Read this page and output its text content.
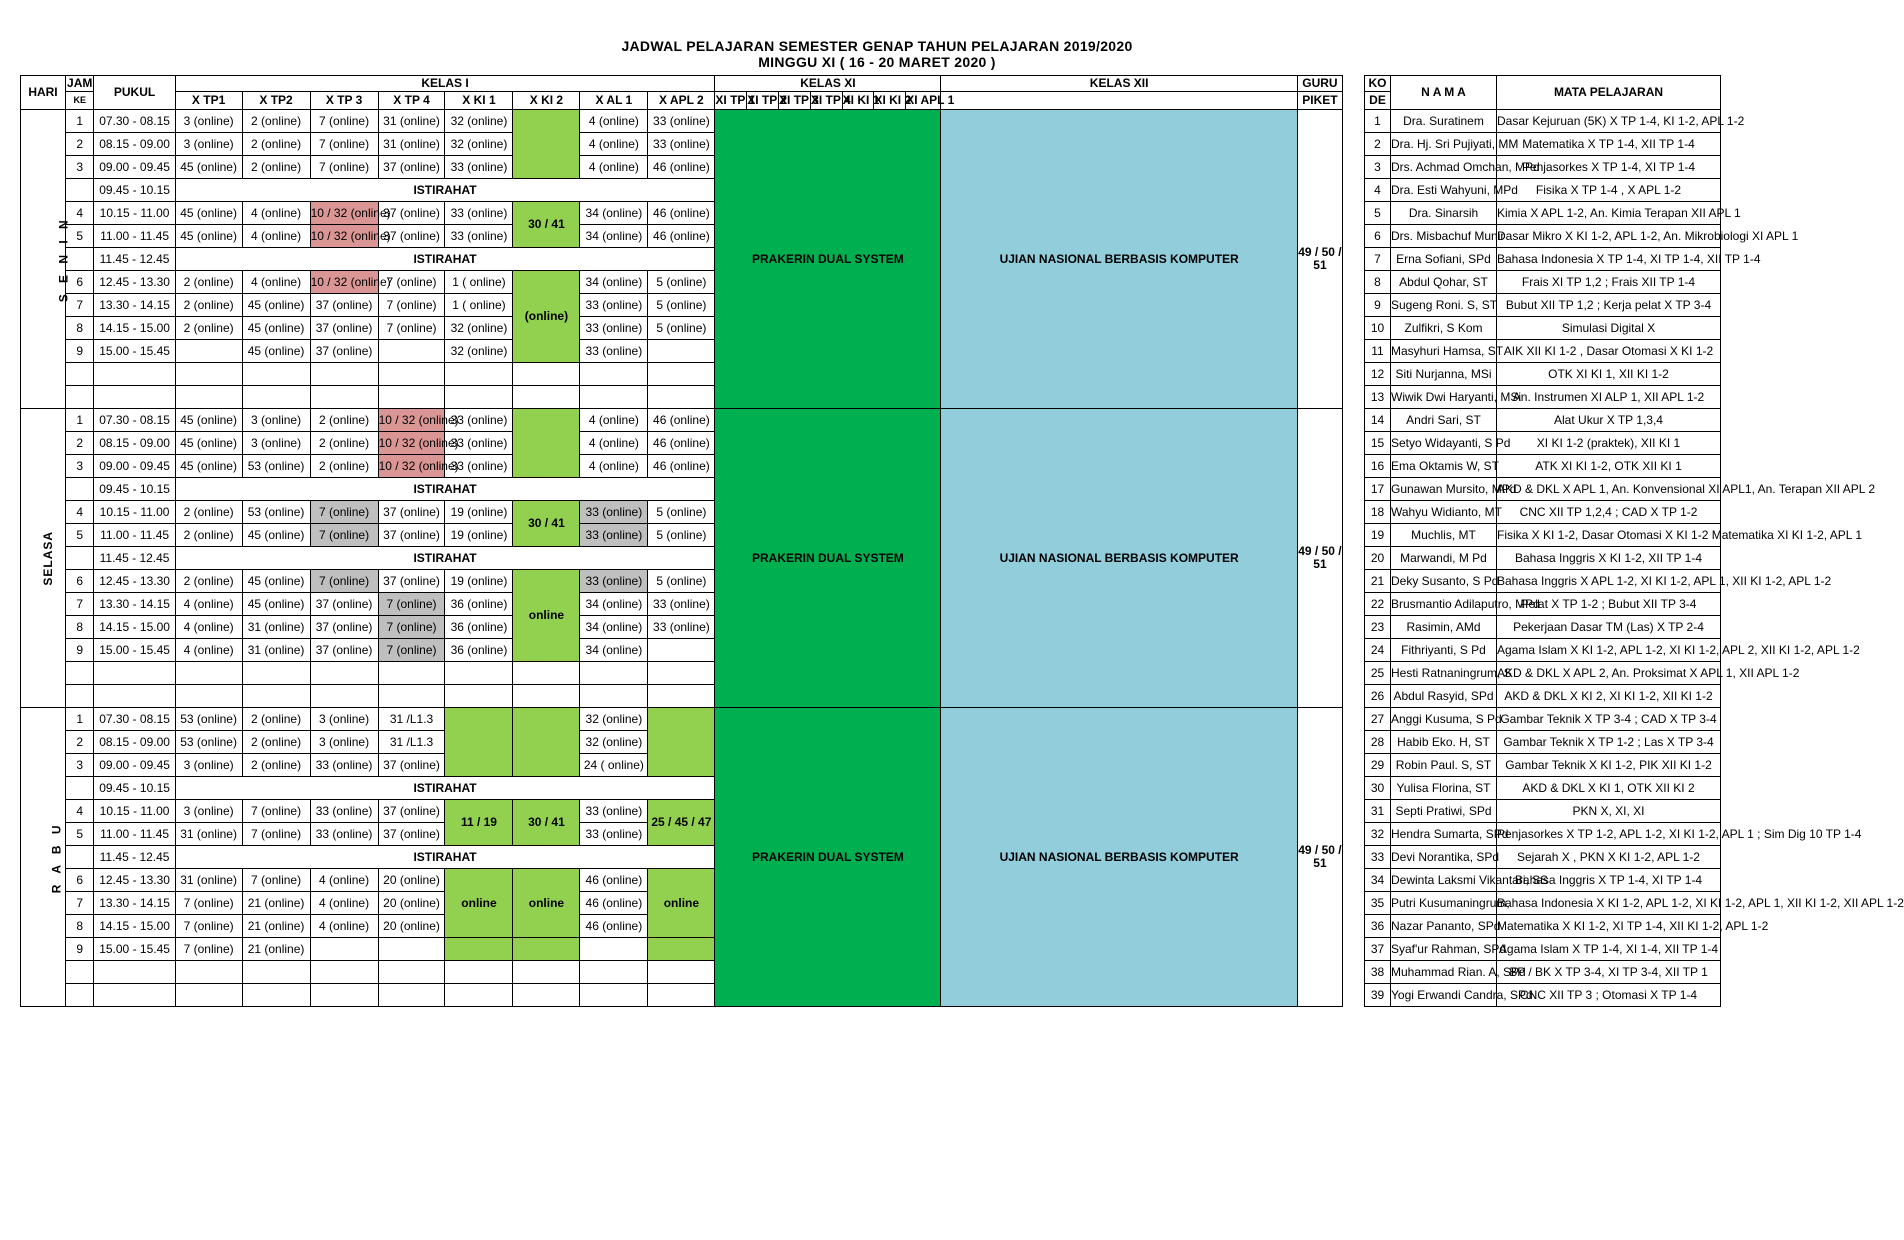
JADWAL PELAJARAN SEMESTER GENAP TAHUN PELAJARAN 2019/2020
MINGGU XI ( 16 - 20 MARET 2020 )
HARI	JAM	PUKUL	KELAS I								KELAS XI							KELAS XII	GURU
	KE		X TP1	X TP2	X TP 3	X TP 4	X KI 1	X KI 2	X AL 1	X APL 2	XI TP 1	XI TP 2	XI TP 3	XI TP 4	XI KI 1	XI KI 2	XI APL 1		PIKET
S E N I N	1	07.30 - 08.15	3 (online)	2 (online)	7 (online)	31 (online)	32 (online)		4 (online)	33 (online)	PRAKERIN DUAL SYSTEM							UJIAN NASIONAL BERBASIS KOMPUTER	49 / 50 / 51
	2	08.15 - 09.00	3 (online)	2 (online)	7 (online)	31 (online)	32 (online)		4 (online)	33 (online)									
	3	09.00 - 09.45	45 (online)	2 (online)	7 (online)	37 (online)	33 (online)		4 (online)	46 (online)									
		09.45 - 10.15	ISTIRAHAT																
	4	10.15 - 11.00	45 (online)	4 (online)	10 / 32 (online)	37 (online)	33 (online)	30 / 41	34 (online)	46 (online)									
	5	11.00 - 11.45	45 (online)	4 (online)	10 / 32 (online)	37 (online)	33 (online)		34 (online)	46 (online)									
		11.45 - 12.45	ISTIRAHAT																
	6	12.45 - 13.30	2 (online)	4 (online)	10 / 32 (online)	7 (online)	1 ( online)	(online)	34 (online)	5 (online)									
	7	13.30 - 14.15	2 (online)	45 (online)	37 (online)	7 (online)	1 ( online)		33 (online)	5 (online)									
	8	14.15 - 15.00	2 (online)	45 (online)	37 (online)	7 (online)	32 (online)		33 (online)	5 (online)									
	9	15.00 - 15.45		45 (online)	37 (online)		32 (online)		33 (online)										

SELASA	1	07.30 - 08.15	45 (online)	3 (online)	2 (online)	10 / 32 (online)	33 (online)		4 (online)	46 (online)	PRAKERIN DUAL SYSTEM							UJIAN NASIONAL BERBASIS KOMPUTER	49 / 50 / 51
	2	08.15 - 09.00	45 (online)	3 (online)	2 (online)	10 / 32 (online)	33 (online)		4 (online)	46 (online)									
	3	09.00 - 09.45	45 (online)	53 (online)	2 (online)	10 / 32 (online)	33 (online)		4 (online)	46 (online)									
		09.45 - 10.15	ISTIRAHAT																
	4	10.15 - 11.00	2 (online)	53 (online)	7 (online)	37 (online)	19 (online)	30 / 41	33 (online)	5 (online)									
	5	11.00 - 11.45	2 (online)	45 (online)	7 (online)	37 (online)	19 (online)		33 (online)	5 (online)									
		11.45 - 12.45	ISTIRAHAT																
	6	12.45 - 13.30	2 (online)	45 (online)	7 (online)	37 (online)	19 (online)	online	33 (online)	5 (online)									
	7	13.30 - 14.15	4 (online)	45 (online)	37 (online)	7 (online)	36 (online)		34 (online)	33 (online)									
	8	14.15 - 15.00	4 (online)	31 (online)	37 (online)	7 (online)	36 (online)		34 (online)	33 (online)									
	9	15.00 - 15.45	4 (online)	31 (online)	37 (online)	7 (online)	36 (online)		34 (online)										

R A B U	1	07.30 - 08.15	53 (online)	2 (online)	3 (online)	31 /L1.3			32 (online)		PRAKERIN DUAL SYSTEM							UJIAN NASIONAL BERBASIS KOMPUTER	49 / 50 / 51
	2	08.15 - 09.00	53 (online)	2 (online)	3 (online)	31 /L1.3			32 (online)										
	3	09.00 - 09.45	3 (online)	2 (online)	33 (online)	37 (online)			24 ( online)										
		09.45 - 10.15	ISTIRAHAT																
	4	10.15 - 11.00	3 (online)	7 (online)	33 (online)	37 (online)	11 / 19	30 / 41	33 (online)	25 / 45 / 47									
	5	11.00 - 11.45	31 (online)	7 (online)	33 (online)	37 (online)			33 (online)										
		11.45 - 12.45	ISTIRAHAT																
	6	12.45 - 13.30	31 (online)	7 (online)	4 (online)	20 (online)	online	online	46 (online)	online									
	7	13.30 - 14.15	7 (online)	21 (online)	4 (online)	20 (online)			46 (online)										
	8	14.15 - 15.00	7 (online)	21 (online)	4 (online)	20 (online)			46 (online)										
	9	15.00 - 15.45	7 (online)	21 (online)															

KO	N A M A	MATA PELAJARAN
DE		
1	Dra. Suratinem	Dasar Kejuruan (5K) X TP 1-4, KI 1-2, APL 1-2
2	Dra. Hj. Sri Pujiyati, MM	Matematika X TP 1-4, XII TP 1-4
3	Drs. Achmad Omchan, MPd	Penjasorkes X TP 1-4, XI TP 1-4
4	Dra. Esti Wahyuni, MPd	Fisika X TP 1-4 , X APL 1-2
5	Dra. Sinarsih	Kimia X APL 1-2, An. Kimia Terapan XII APL 1
6	Drs. Misbachuf Munir	Dasar Mikro X KI 1-2, APL 1-2, An. Mikrobiologi XI APL 1
7	Erna Sofiani, SPd	Bahasa Indonesia X TP 1-4, XI TP 1-4, XII TP 1-4
8	Abdul Qohar, ST	Frais XI TP 1,2 ; Frais XII TP 1-4
9	Sugeng Roni. S, ST	Bubut XII TP 1,2 ; Kerja pelat X TP 3-4
10	Zulfikri, S Kom	Simulasi Digital X
11	Masyhuri Hamsa, ST	AIK XII KI 1-2 , Dasar Otomasi X KI 1-2
12	Siti Nurjanna, MSi	OTK XI KI 1, XII KI 1-2
13	Wiwik Dwi Haryanti, MSi	An. Instrumen XI ALP 1, XII APL 1-2
14	Andri Sari, ST	Alat Ukur X TP 1,3,4
15	Setyo Widayanti, S Pd	XI KI 1-2 (praktek), XII KI 1
16	Ema Oktamis W, ST	ATK XI KI 1-2, OTK XII KI 1
17	Gunawan Mursito, MPd	AKD & DKL X APL 1, An. Konvensional XI APL1, An. Terapan XII APL 2
18	Wahyu Widianto, MT	CNC XII TP 1,2,4 ; CAD X TP 1-2
19	Muchlis, MT	Fisika X KI 1-2, Dasar Otomasi X KI 1-2 Matematika XI KI 1-2, APL 1
20	Marwandi, M Pd	Bahasa Inggris X KI 1-2, XII TP 1-4
21	Deky Susanto, S Pd	Bahasa Inggris X APL 1-2, XI KI 1-2, APL 1, XII KI 1-2, APL 1-2
22	Brusmantio Adilaputro, MPd	Pelat X TP 1-2 ; Bubut XII TP 3-4
23	Rasimin, AMd	Pekerjaan Dasar TM (Las) X TP 2-4
24	Fithriyanti, S Pd	Agama Islam X KI 1-2, APL 1-2, XI KI 1-2, APL 2, XII KI 1-2, APL 1-2
25	Hesti Ratnaningrum, S	AKD & DKL X APL 2, An. Proksimat X APL 1, XII APL 1-2
26	Abdul Rasyid, SPd	AKD & DKL X KI 2, XI KI 1-2, XII KI 1-2
27	Anggi Kusuma, S Pd	Gambar Teknik X TP 3-4 ; CAD X TP 3-4
28	Habib Eko. H, ST	Gambar Teknik X TP 1-2 ; Las X TP 3-4
29	Robin Paul. S, ST	Gambar Teknik X KI 1-2, PIK XII KI 1-2
30	Yulisa Florina, ST	AKD & DKL X KI 1, OTK XII KI 2
31	Septi Pratiwi, SPd	PKN X, XI, XI
32	Hendra Sumarta, SPd	Penjasorkes X TP 1-2, APL 1-2, XI KI 1-2, APL 1 ; Sim Dig 10 TP 1-4
33	Devi Norantika, SPd	Sejarah X , PKN X KI 1-2, APL 1-2
34	Dewinta Laksmi Vikantari, SS	Bahasa Inggris X TP 1-4, XI TP 1-4
35	Putri Kusumaningrum,	Bahasa Indonesia X KI 1-2, APL 1-2, XI KI 1-2, APL 1, XII KI 1-2, XII APL 1-2
36	Nazar Pananto, SPd	Matematika X KI 1-2, XI TP 1-4, XII KI 1-2, APL 1-2
37	Syaf'ur Rahman, SPd	Agama Islam X TP 1-4, XI 1-4, XII TP 1-4
38	Muhammad Rian. A, SPd	BP / BK X TP 3-4, XI TP 3-4, XII TP 1
39	Yogi Erwandi Candra, SPd	CNC XII TP 3 ; Otomasi X TP 1-4
